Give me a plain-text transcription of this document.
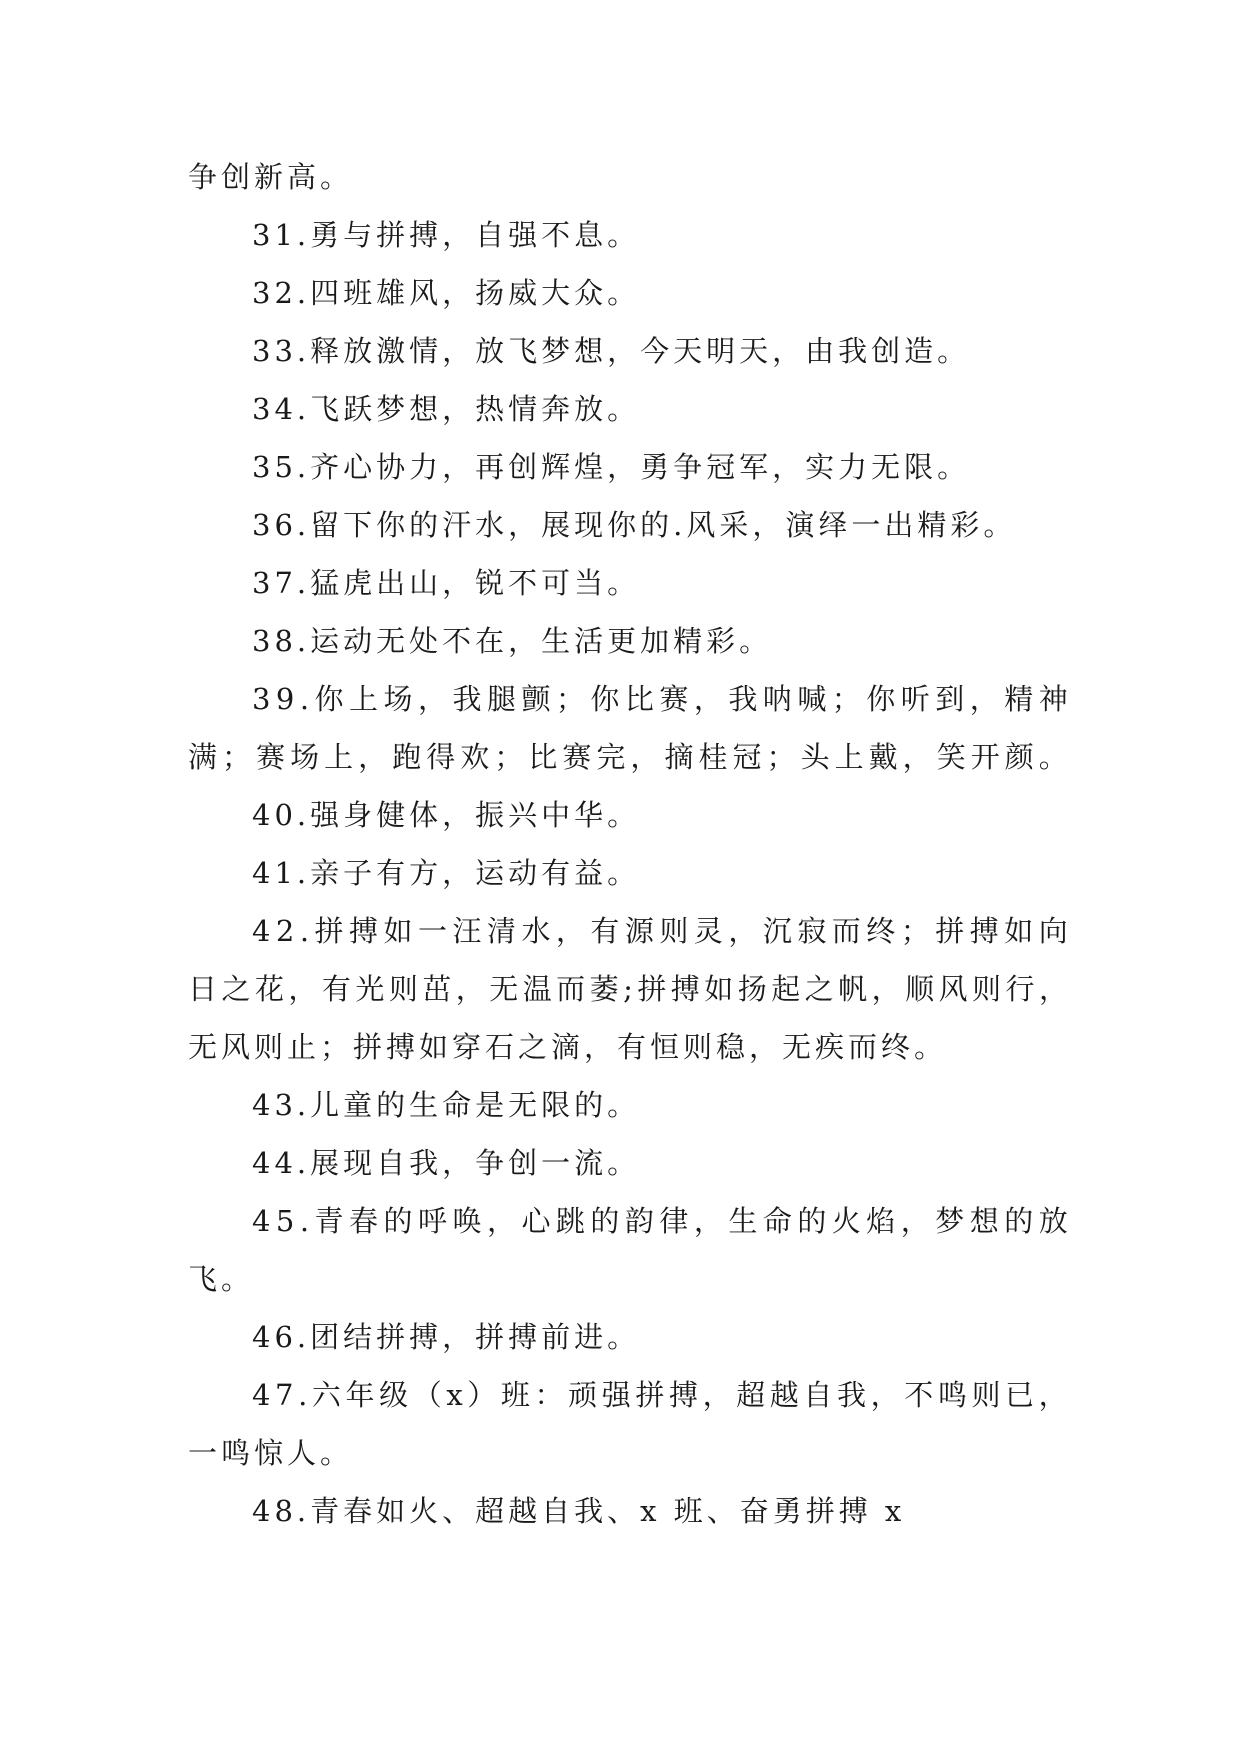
争创新高。
31.勇与拼搏，自强不息。
32.四班雄风，扬威大众。
33.释放激情，放飞梦想，今天明天，由我创造。
34.飞跃梦想，热情奔放。
35.齐心协力，再创辉煌，勇争冠军，实力无限。
36.留下你的汗水，展现你的.风采，演绎一出精彩。
37.猛虎出山，锐不可当。
38.运动无处不在，生活更加精彩。
3 9 . 你 上 场 ， 我 腿 颤 ； 你 比 赛 ， 我 呐 喊 ； 你 听 到 ， 精 神
满 ； 赛 场 上 ， 跑 得 欢 ； 比 赛 完 ， 摘 桂 冠 ； 头 上 戴 ， 笑 开 颜 。
40.强身健体，振兴中华。
41.亲子有方，运动有益。
4 2 . 拼 搏 如 一 汪 清 水 ， 有 源 则 灵 ， 沉 寂 而 终 ； 拼 搏 如 向
日 之 花 ， 有 光 则 茁 ， 无 温 而 萎 ; 拼 搏 如 扬 起 之 帆 ， 顺 风 则 行 ，
无风则止；拼搏如穿石之滴，有恒则稳，无疾而终。
43.儿童的生命是无限的。
44.展现自我，争创一流。
4 5 . 青 春 的 呼 唤 ， 心 跳 的 韵 律 ， 生 命 的 火 焰 ， 梦 想 的 放
飞。
46.团结拼搏，拼搏前进。
4 7 . 六 年 级 （ x ） 班 ： 顽 强 拼 搏 ， 超 越 自 我 ， 不 鸣 则 已 ，
一鸣惊人。
48.青春如火、超越自我、x 班、奋勇拼搏 x
